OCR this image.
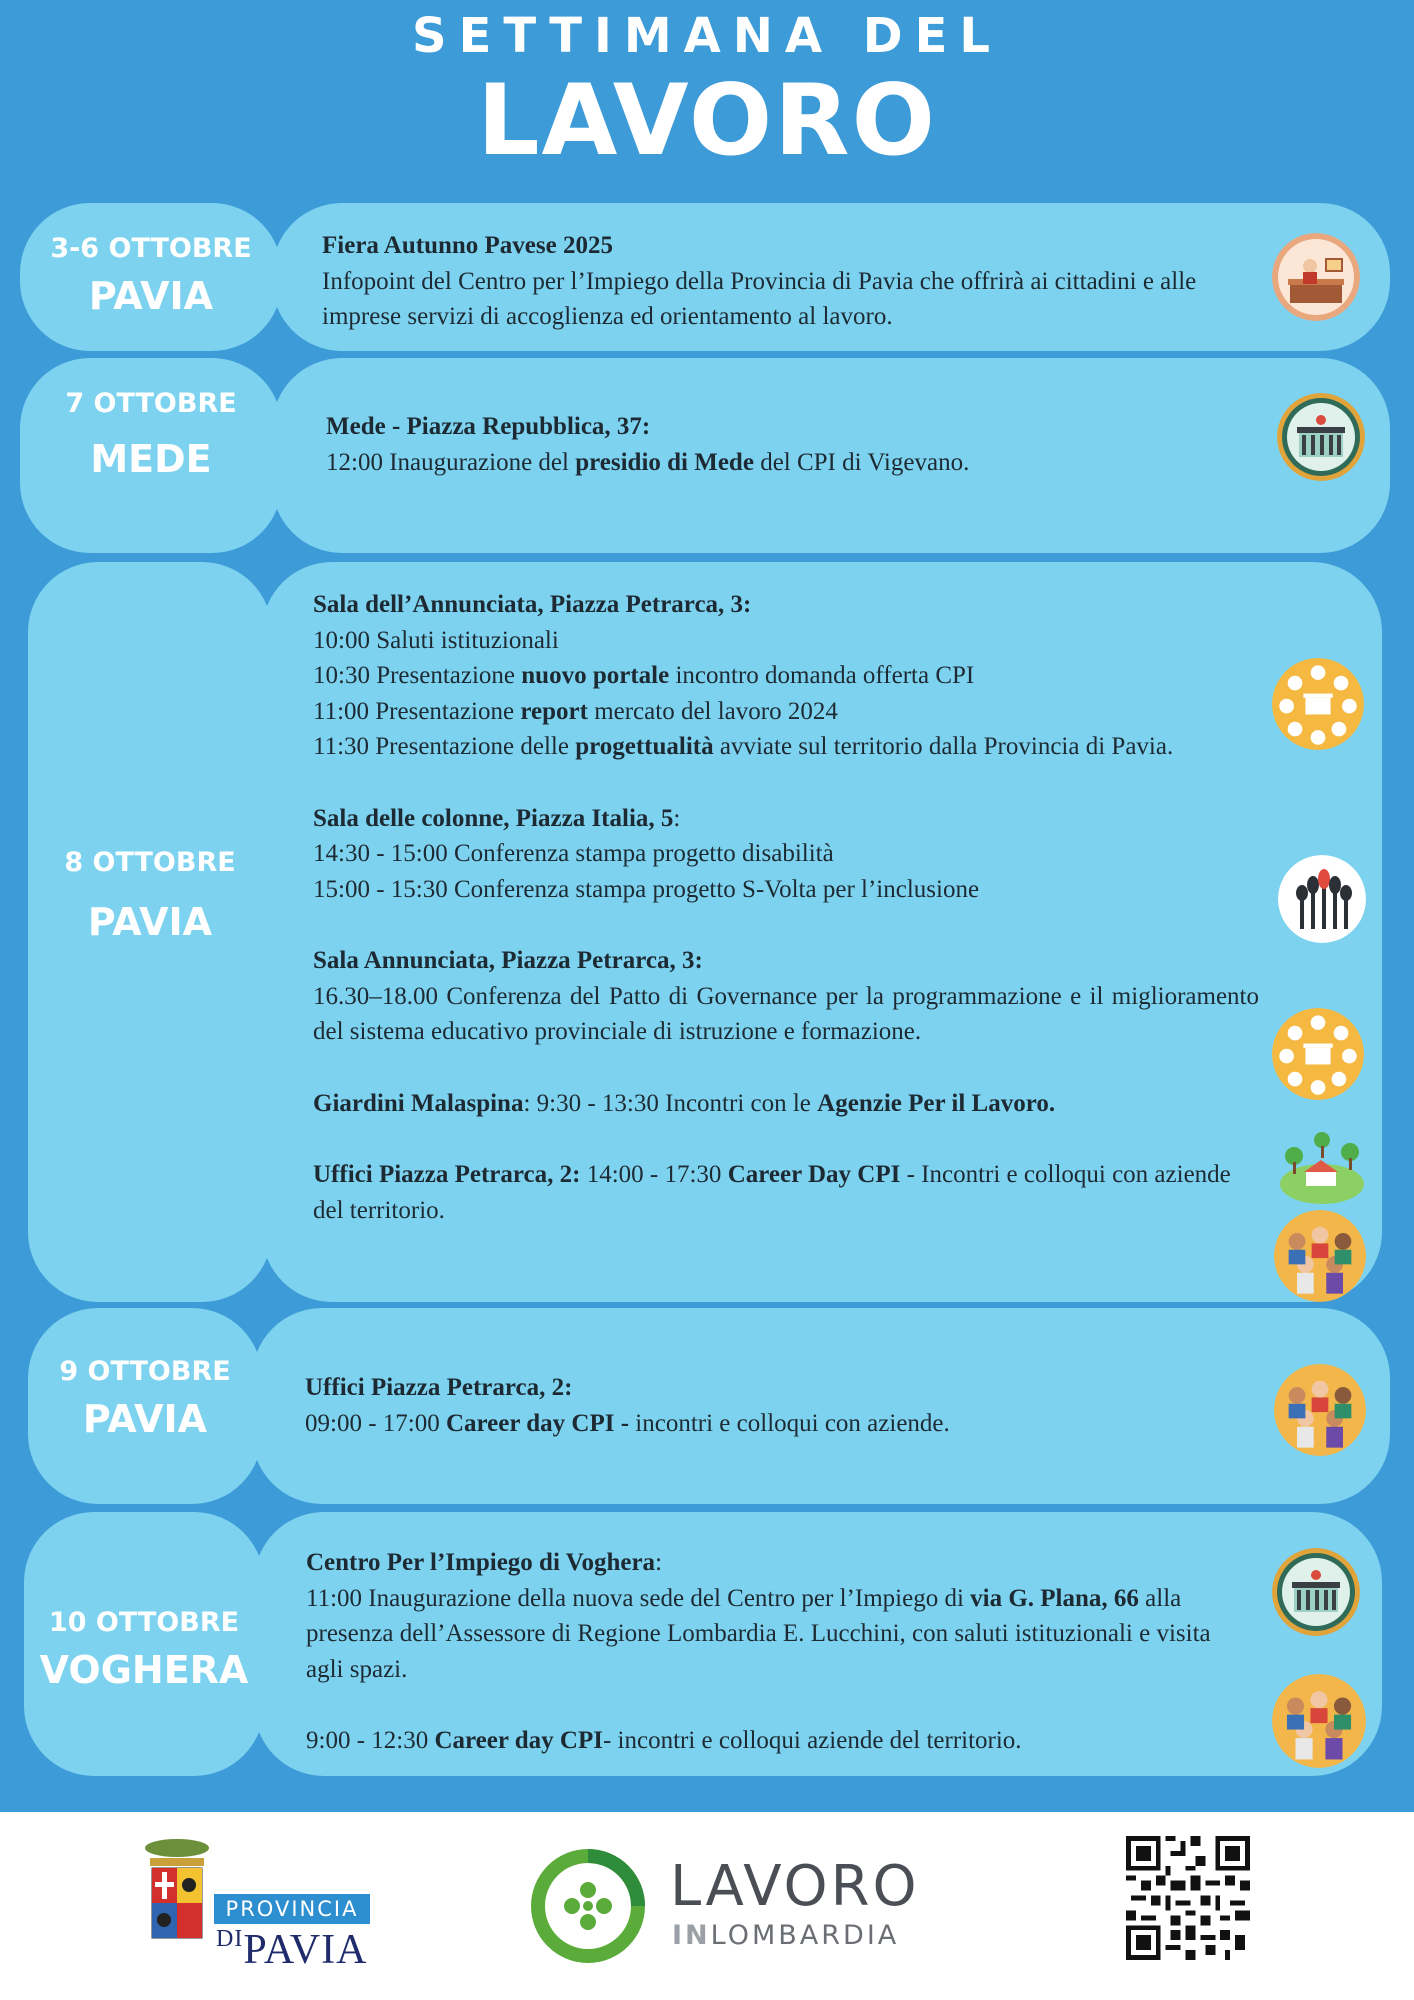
SETTIMANA DEL
LAVORO
3-6 OTTOBRE
PAVIA

Fiera Autunno Pavese 2025

Infopoint del Centro per l’Impiego della Provincia di Pavia che offrirà ai cittadini e alle imprese servizi di accoglienza ed orientamento al lavoro.

7 OTTOBRE
MEDE

Mede - Piazza Repubblica, 37:

12:00 Inaugurazione del presidio di Mede del CPI di Vigevano.

8 OTTOBRE
PAVIA

Sala dell’Annunciata, Piazza Petrarca, 3:

10:00 Saluti istituzionali

10:30 Presentazione nuovo portale incontro domanda offerta CPI

11:00 Presentazione report mercato del lavoro 2024

11:30 Presentazione delle progettualità avviate sul territorio dalla Provincia di Pavia.

Sala delle colonne, Piazza Italia, 5:

14:30 - 15:00 Conferenza stampa progetto disabilità

15:00 - 15:30 Conferenza stampa progetto S-Volta per l’inclusione

Sala Annunciata, Piazza Petrarca, 3:

16.30–18.00 Conferenza del Patto di Governance per la programmazione e il miglioramento del sistema educativo provinciale di istruzione e formazione.

Giardini Malaspina: 9:30 - 13:30 Incontri con le Agenzie Per il Lavoro.

Uffici Piazza Petrarca, 2: 14:00 - 17:30 Career Day CPI - Incontri e colloqui con aziende del territorio.

9 OTTOBRE
PAVIA

Uffici Piazza Petrarca, 2:

09:00 - 17:00 Career day CPI - incontri e colloqui con aziende.

10 OTTOBRE
VOGHERA

Centro Per l’Impiego di Voghera:

11:00 Inaugurazione della nuova sede del Centro per l’Impiego di via G. Plana, 66 alla presenza dell’Assessore di Regione Lombardia E. Lucchini, con saluti istituzionali e visita agli spazi.

9:00 - 12:30 Career day CPI- incontri e colloqui aziende del territorio.

PROVINCIA
$^{DI}$PAVIA
LAVORO
INLOMBARDIA
